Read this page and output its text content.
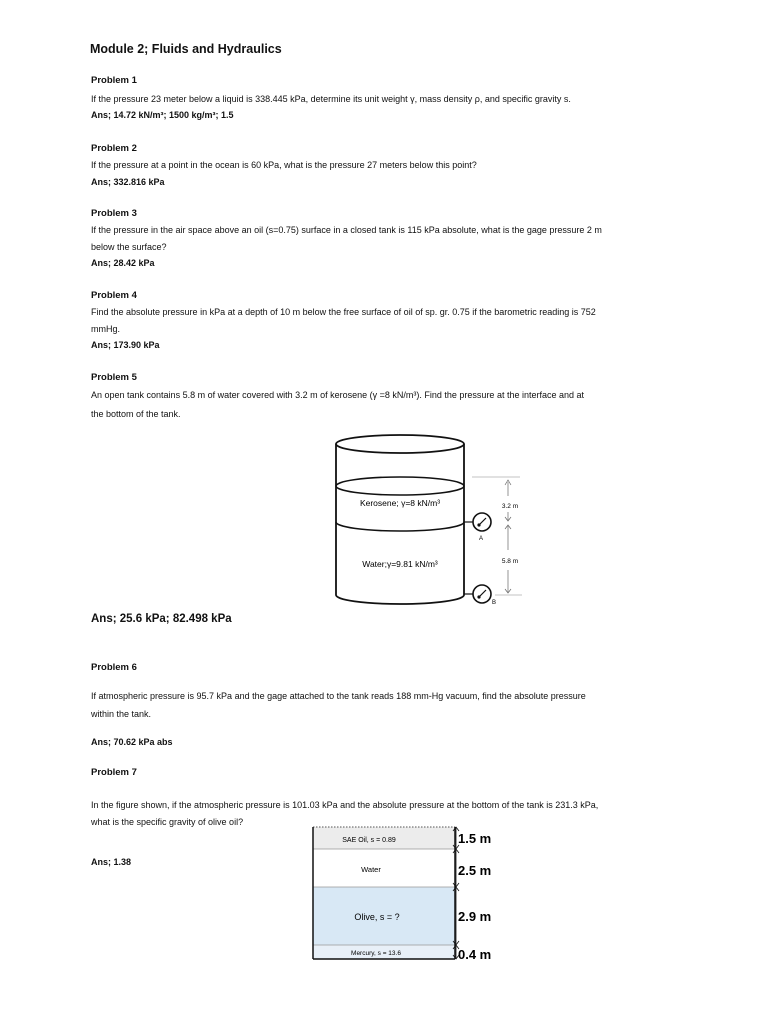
Module 2; Fluids and Hydraulics
Problem 1
If the pressure 23 meter below a liquid is 338.445 kPa, determine its unit weight γ, mass density ρ, and specific gravity s.
Ans; 14.72 kN/m³; 1500 kg/m³; 1.5
Problem 2
If the pressure at a point in the ocean is 60 kPa, what is the pressure 27 meters below this point?
Ans; 332.816 kPa
Problem 3
If the pressure in the air space above an oil (s=0.75) surface in a closed tank is 115 kPa absolute, what is the gage pressure 2 m
below the surface?
Ans; 28.42 kPa
Problem 4
Find the absolute pressure in kPa at a depth of 10 m below the free surface of oil of sp. gr. 0.75 if the barometric reading is 752
mmHg.
Ans; 173.90 kPa
Problem 5
An open tank contains 5.8 m of water covered with 3.2 m of kerosene (γ =8 kN/m³). Find the pressure at the interface and at
the bottom of the tank.
Kerosene; γ=8 kN/m³
Water;γ=9.81 kN/m³
A
B
3.2 m
5.8 m
Ans; 25.6 kPa; 82.498 kPa
Problem 6
If atmospheric pressure is 95.7 kPa and the gage attached to the tank reads 188 mm-Hg vacuum, find the absolute pressure
within the tank.
Ans; 70.62 kPa abs
Problem 7
In the figure shown, if the atmospheric pressure is 101.03 kPa and the absolute pressure at the bottom of the tank is 231.3 kPa,
what is the specific gravity of olive oil?
Ans; 1.38
SAE Oil, s = 0.89
Water
Olive, s = ?
Mercury, s = 13.6
1.5 m
2.5 m
2.9 m
0.4 m
